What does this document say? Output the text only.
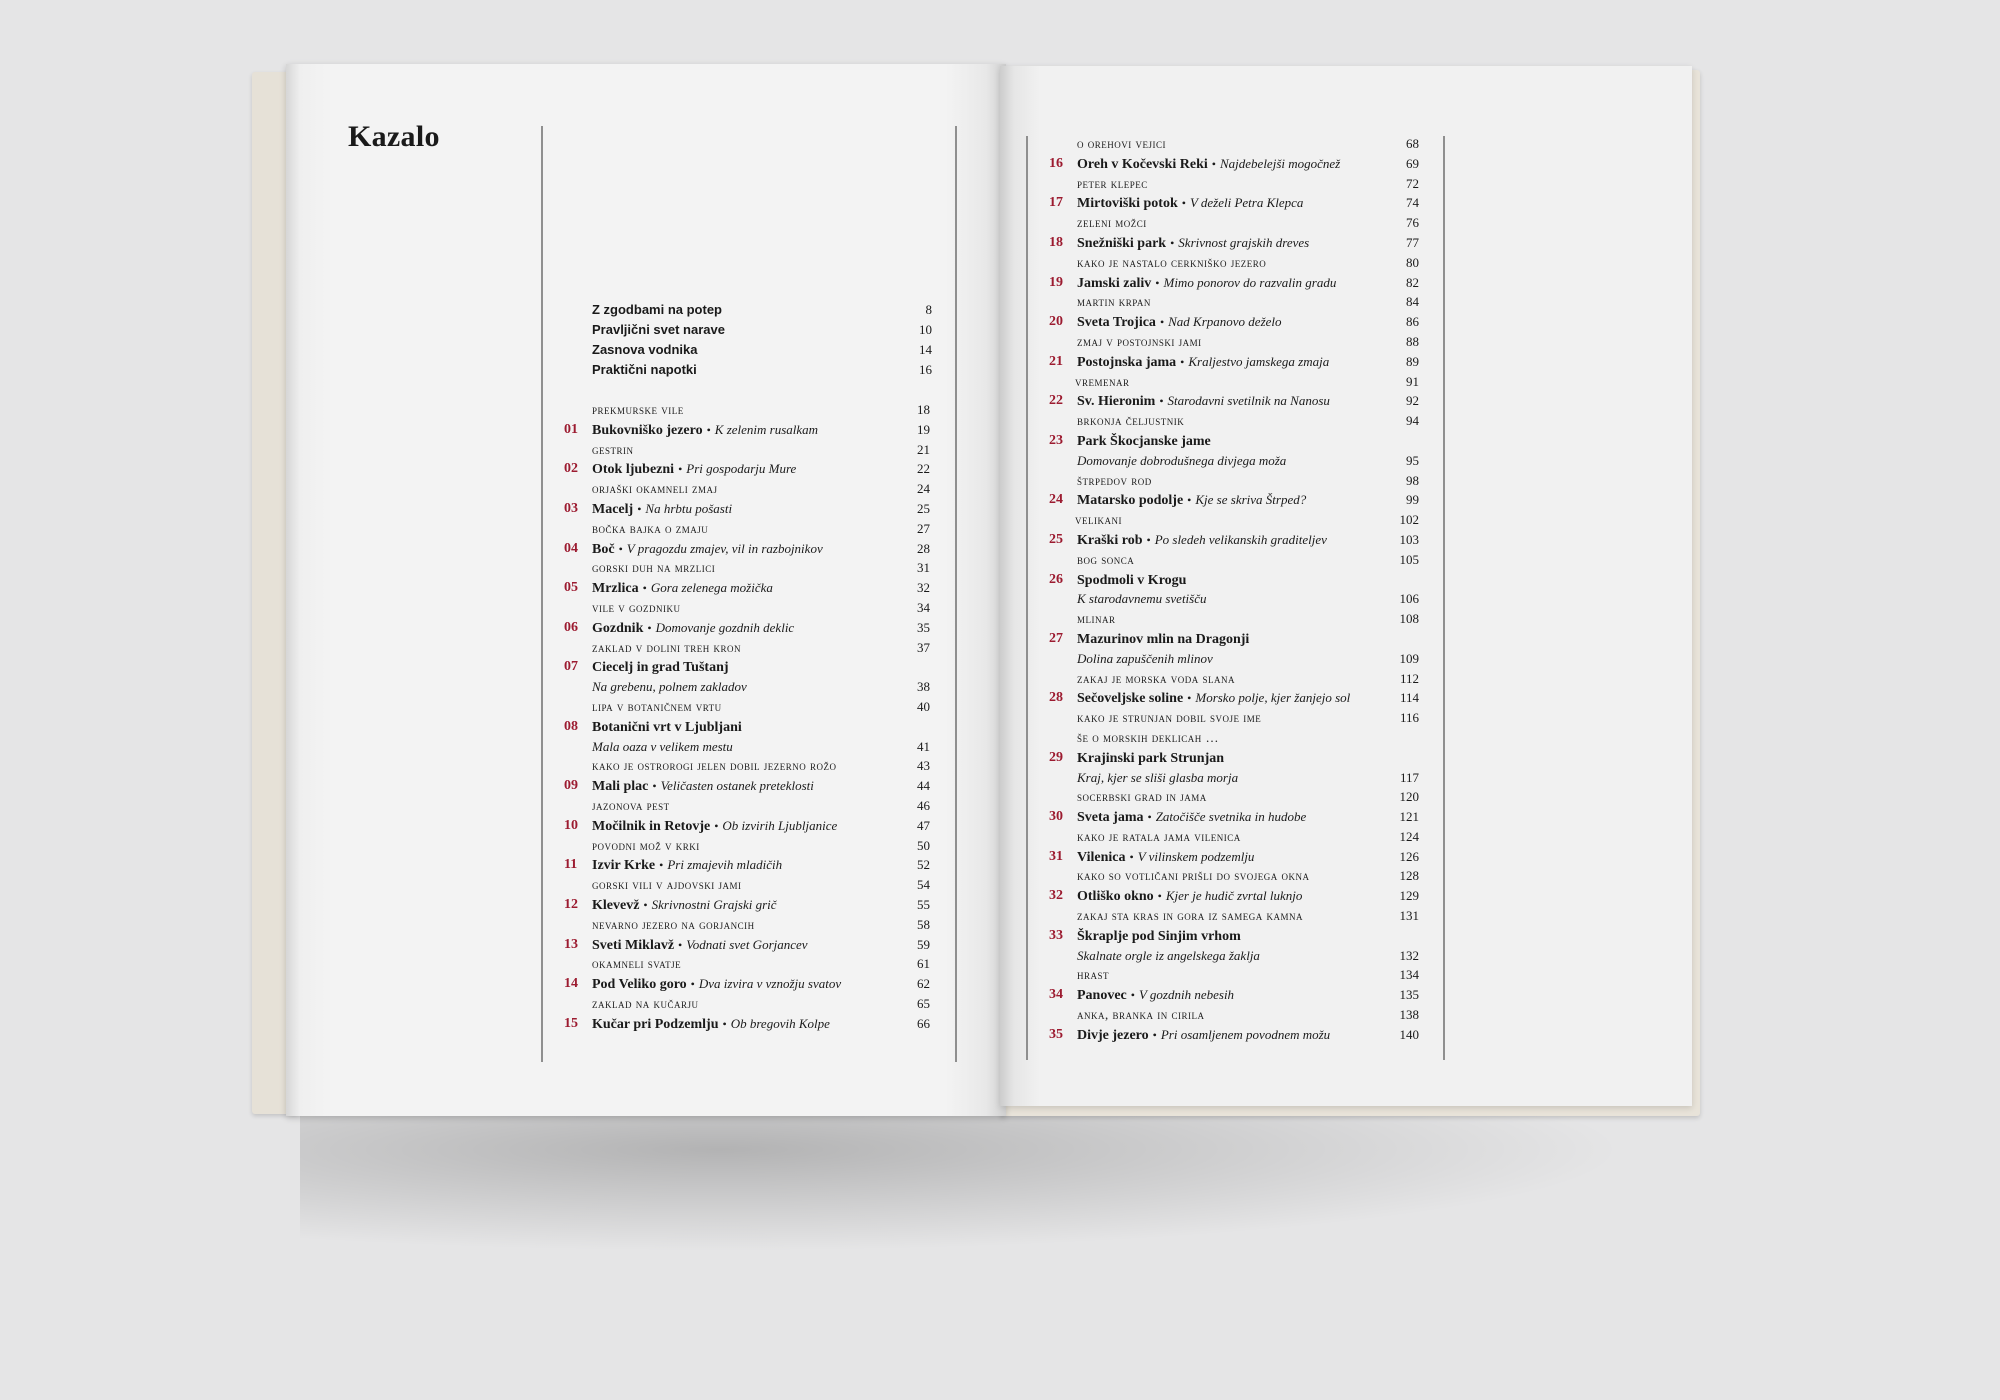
Kazalo
Z zgodbami na potep	8
Pravljični svet narave	10
Zasnova vodnika	14
Praktični napotki	16
prekmurske vile	18
01	Bukovniško jezero • K zelenim rusalkam	19
gestrin	21
02	Otok ljubezni • Pri gospodarju Mure	22
orjaški okamneli zmaj	24
03	Macelj • Na hrbtu pošasti	25
bočka bajka o zmaju	27
04	Boč • V pragozdu zmajev, vil in razbojnikov	28
gorski duh na mrzlici	31
05	Mrzlica • Gora zelenega možička	32
vile v gozdniku	34
06	Gozdnik • Domovanje gozdnih deklic	35
zaklad v dolini treh kron	37
07	Ciecelj in grad Tuštanj
Na grebenu, polnem zakladov	38
lipa v botaničnem vrtu	40
08	Botanični vrt v Ljubljani
Mala oaza v velikem mestu	41
kako je ostrorogi jelen dobil jezerno rožo	43
09	Mali plac • Veličasten ostanek preteklosti	44
jazonova pest	46
10	Močilnik in Retovje • Ob izvirih Ljubljanice	47
povodni mož v krki	50
11	Izvir Krke • Pri zmajevih mladičih	52
gorski vili v ajdovski jami	54
12	Klevevž • Skrivnostni Grajski grič	55
nevarno jezero na gorjancih	58
13	Sveti Miklavž • Vodnati svet Gorjancev	59
okamneli svatje	61
14	Pod Veliko goro • Dva izvira v vznožju svatov	62
zaklad na kučarju	65
15	Kučar pri Podzemlju • Ob bregovih Kolpe	66
o orehovi vejici	68
16	Oreh v Kočevski Reki • Najdebelejši mogočnež	69
peter klepec	72
17	Mirtoviški potok • V deželi Petra Klepca	74
zeleni možci	76
18	Snežniški park • Skrivnost grajskih dreves	77
kako je nastalo cerkniško jezero	80
19	Jamski zaliv • Mimo ponorov do razvalin gradu	82
martin krpan	84
20	Sveta Trojica • Nad Krpanovo deželo	86
zmaj v postojnski jami	88
21	Postojnska jama • Kraljestvo jamskega zmaja	89
vremenar	91
22	Sv. Hieronim • Starodavni svetilnik na Nanosu	92
brkonja čeljustnik	94
23	Park Škocjanske jame
Domovanje dobrodušnega divjega moža	95
štrpedov rod	98
24	Matarsko podolje • Kje se skriva Štrped?	99
velikani	102
25	Kraški rob • Po sledeh velikanskih graditeljev	103
bog sonca	105
26	Spodmoli v Krogu
K starodavnemu svetišču	106
mlinar	108
27	Mazurinov mlin na Dragonji
Dolina zapuščenih mlinov	109
zakaj je morska voda slana	112
28	Sečoveljske soline • Morsko polje, kjer žanjejo sol	114
kako je strunjan dobil svoje ime	116
še o morskih deklicah …
29	Krajinski park Strunjan
Kraj, kjer se sliši glasba morja	117
socerbski grad in jama	120
30	Sveta jama • Zatočišče svetnika in hudobe	121
kako je ratala jama vilenica	124
31	Vilenica • V vilinskem podzemlju	126
kako so votličani prišli do svojega okna	128
32	Otliško okno • Kjer je hudič zvrtal luknjo	129
zakaj sta kras in gora iz samega kamna	131
33	Škrapljе pod Sinjim vrhom
Skalnate orgle iz angelskega žaklja	132
hrast	134
34	Panovec • V gozdnih nebesih	135
anka, branka in cirila	138
35	Divje jezero • Pri osamljenem povodnem možu	140
